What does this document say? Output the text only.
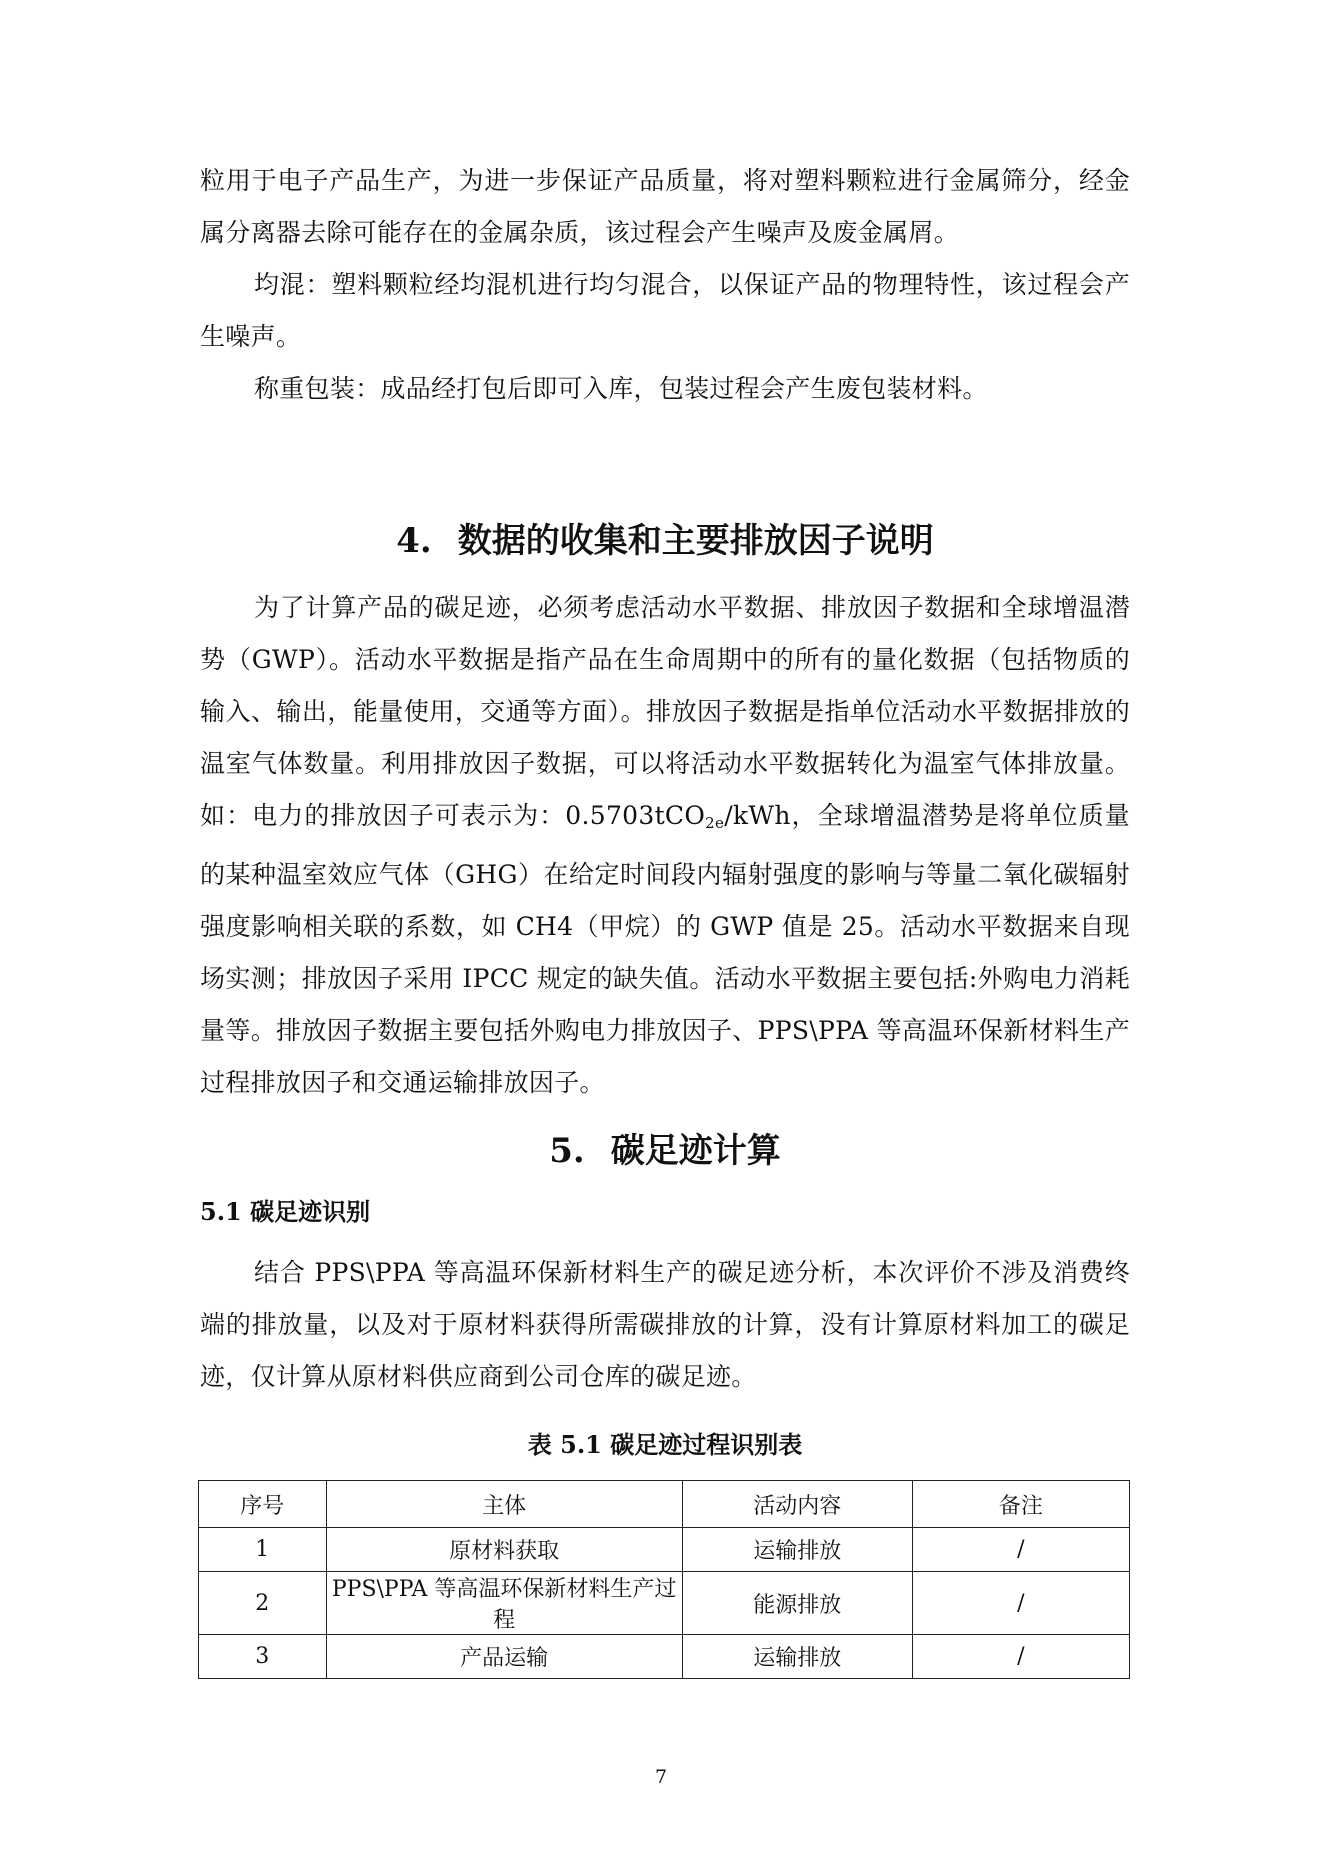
粒用于电子产品生产，为进一步保证产品质量，将对塑料颗粒进行金属筛分，经金属分离器去除可能存在的金属杂质，该过程会产生噪声及废金属屑。

均混：塑料颗粒经均混机进行均匀混合，以保证产品的物理特性，该过程会产生噪声。

称重包装：成品经打包后即可入库，包装过程会产生废包装材料。

4. 数据的收集和主要排放因子说明

为了计算产品的碳足迹，必须考虑活动水平数据、排放因子数据和全球增温潜势（GWP）。活动水平数据是指产品在生命周期中的所有的量化数据（包括物质的输入、输出，能量使用，交通等方面）。排放因子数据是指单位活动水平数据排放的温室气体数量。利用排放因子数据，可以将活动水平数据转化为温室气体排放量。如：电力的排放因子可表示为：0.5703tCO$_{2e}$/kWh，全球增温潜势是将单位质量的某种温室效应气体（GHG）在给定时间段内辐射强度的影响与等量二氧化碳辐射强度影响相关联的系数，如 CH4（甲烷）的 GWP 值是 25。活动水平数据来自现场实测；排放因子采用 IPCC 规定的缺失值。活动水平数据主要包括:外购电力消耗量等。排放因子数据主要包括外购电力排放因子、PPS\PPA 等高温环保新材料生产过程排放因子和交通运输排放因子。

5. 碳足迹计算
5.1 碳足迹识别

结合 PPS\PPA 等高温环保新材料生产的碳足迹分析，本次评价不涉及消费终端的排放量，以及对于原材料获得所需碳排放的计算，没有计算原材料加工的碳足迹，仅计算从原材料供应商到公司仓库的碳足迹。

表 5.1 碳足迹过程识别表
序号	主体	活动内容	备注
1	原材料获取	运输排放	/
2	PPS\PPA 等高温环保新材料生产过程	能源排放	/
3	产品运输	运输排放	/
7
